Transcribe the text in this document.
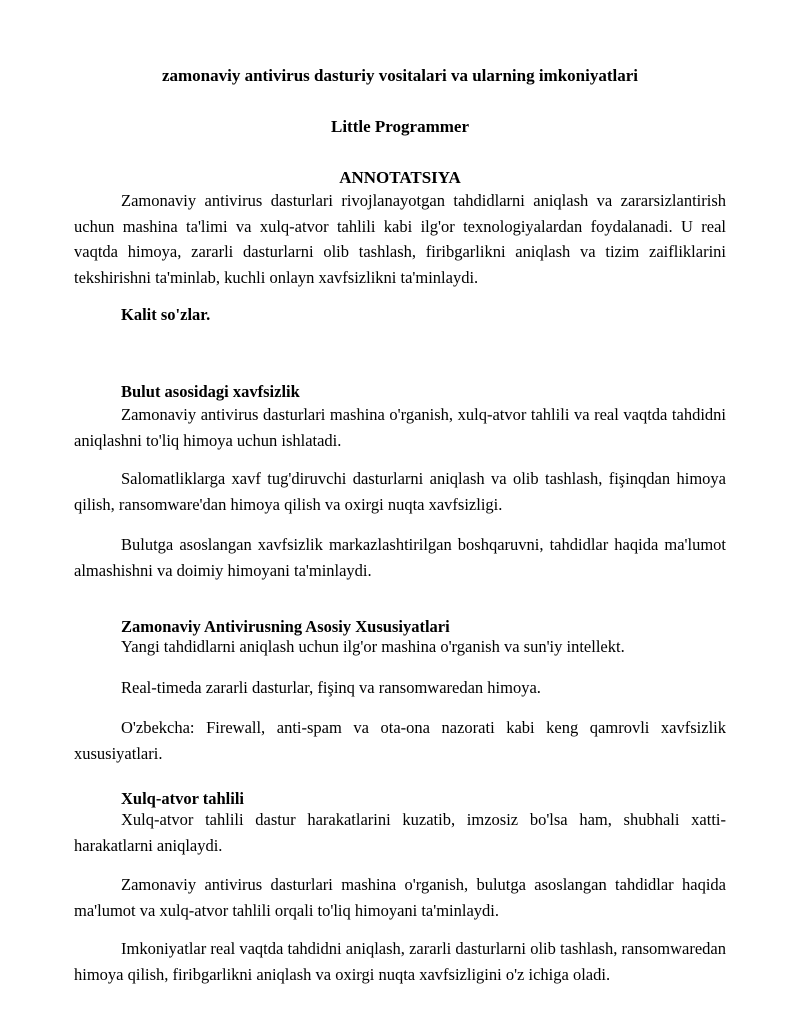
zamonaviy antivirus dasturiy vositalari va ularning imkoniyatlari
Little Programmer
ANNOTATSIYA

Zamonaviy antivirus dasturlari rivojlanayotgan tahdidlarni aniqlash va zararsizlantirish uchun mashina ta'limi va xulq-atvor tahlili kabi ilg'or texnologiyalardan foydalanadi. U real vaqtda himoya, zararli dasturlarni olib tashlash, firibgarlikni aniqlash va tizim zaifliklarini tekshirishni ta'minlab, kuchli onlayn xavfsizlikni ta'minlaydi.

Kalit so'zlar.
Bulut asosidagi xavfsizlik

Zamonaviy antivirus dasturlari mashina o'rganish, xulq-atvor tahlili va real vaqtda tahdidni aniqlashni to'liq himoya uchun ishlatadi.

Salomatliklarga xavf tug'diruvchi dasturlarni aniqlash va olib tashlash, fişinqdan himoya qilish, ransomware'dan himoya qilish va oxirgi nuqta xavfsizligi.

Bulutga asoslangan xavfsizlik markazlashtirilgan boshqaruvni, tahdidlar haqida ma'lumot almashishni va doimiy himoyani ta'minlaydi.

Zamonaviy Antivirusning Asosiy Xususiyatlari

Yangi tahdidlarni aniqlash uchun ilg'or mashina o'rganish va sun'iy intellekt.

Real-timeda zararli dasturlar, fişinq va ransomwaredan himoya.

O'zbekcha: Firewall, anti-spam va ota-ona nazorati kabi keng qamrovli xavfsizlik xususiyatlari.

Xulq-atvor tahlili

Xulq-atvor tahlili dastur harakatlarini kuzatib, imzosiz bo'lsa ham, shubhali xatti-harakatlarni aniqlaydi.

Zamonaviy antivirus dasturlari mashina o'rganish, bulutga asoslangan tahdidlar haqida ma'lumot va xulq-atvor tahlili orqali to'liq himoyani ta'minlaydi.

Imkoniyatlar real vaqtda tahdidni aniqlash, zararli dasturlarni olib tashlash, ransomwaredan himoya qilish, firibgarlikni aniqlash va oxirgi nuqta xavfsizligini o'z ichiga oladi.
